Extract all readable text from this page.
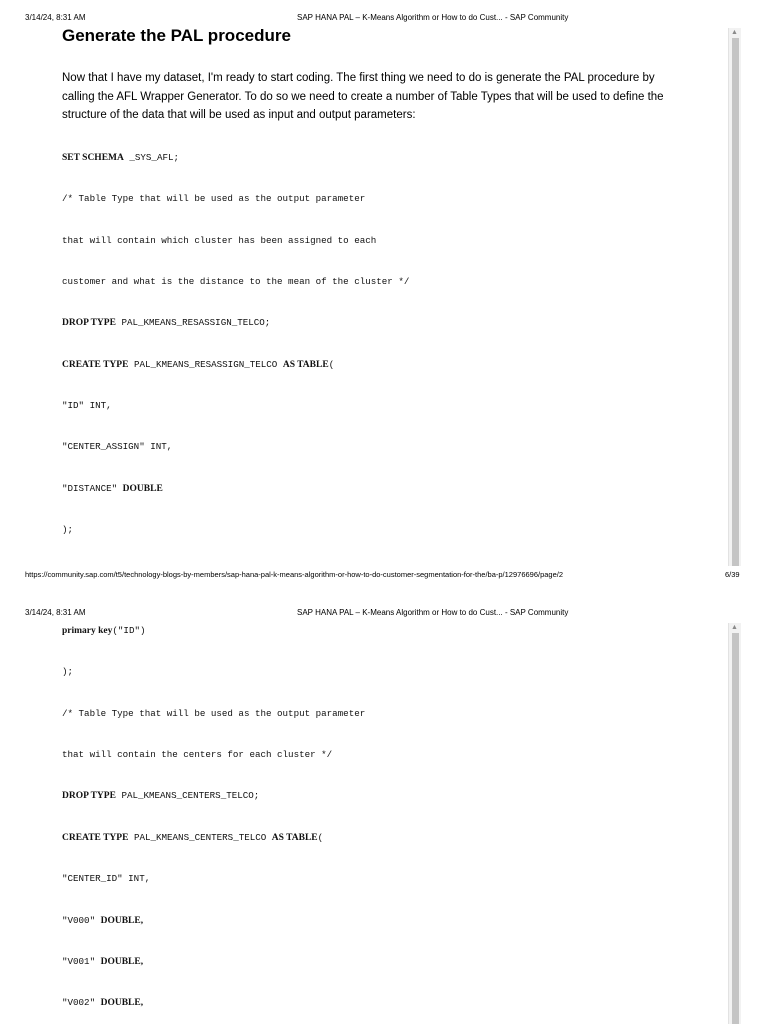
3/14/24, 8:31 AM	SAP HANA PAL – K-Means Algorithm or How to do Cust... - SAP Community
Generate the PAL procedure

Now that I have my dataset, I'm ready to start coding. The first thing we need to do is generate the PAL procedure by calling the AFL Wrapper Generator. To do so we need to create a number of Table Types that will be used to define the structure of the data that will be used as input and output parameters:

SET SCHEMA _SYS_AFL;
/* Table Type that will be used as the output parameter
that will contain which cluster has been assigned to each
customer and what is the distance to the mean of the cluster */
DROP TYPE PAL_KMEANS_RESASSIGN_TELCO;
CREATE TYPE PAL_KMEANS_RESASSIGN_TELCO AS TABLE(
"ID" INT,
"CENTER_ASSIGN" INT,
"DISTANCE" DOUBLE
);
▲
https://community.sap.com/t5/technology-blogs-by-members/sap-hana-pal-k-means-algorithm-or-how-to-do-customer-segmentation-for-the/ba-p/12976696/page/2	6/39
3/14/24, 8:31 AM	SAP HANA PAL – K-Means Algorithm or How to do Cust... - SAP Community
primary key("ID")
);
/* Table Type that will be used as the output parameter
that will contain the centers for each cluster */
DROP TYPE PAL_KMEANS_CENTERS_TELCO;
CREATE TYPE PAL_KMEANS_CENTERS_TELCO AS TABLE(
"CENTER_ID" INT,
"V000" DOUBLE,
"V001" DOUBLE,
"V002" DOUBLE,
▲
